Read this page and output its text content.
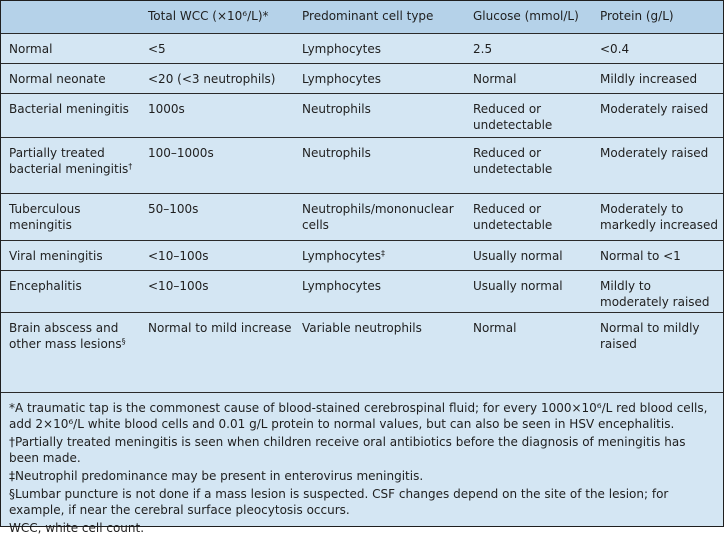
	Total WCC (×10⁶/L)*	Predominant cell type	Glucose (mmol/L)	Protein (g/L)
Normal	<5	Lymphocytes	2.5	<0.4
Normal neonate	<20 (<3 neutrophils)	Lymphocytes	Normal	Mildly increased
Bacterial meningitis	1000s	Neutrophils	Reduced or undetectable	Moderately raised
Partially treated bacterial meningitis†	100–1000s	Neutrophils	Reduced or undetectable	Moderately raised
Tuberculous meningitis	50–100s	Neutrophils/mononuclear cells	Reduced or undetectable	Moderately to markedly increased
Viral meningitis	<10–100s	Lymphocytes‡	Usually normal	Normal to <1
Encephalitis	<10–100s	Lymphocytes	Usually normal	Mildly to moderately raised
Brain abscess and other mass lesions§	Normal to mild increase	Variable neutrophils	Normal	Normal to mildly raised

*A traumatic tap is the commonest cause of blood-stained cerebrospinal fluid; for every 1000×10⁶/L red blood cells, add 2×10⁶/L white blood cells and 0.01 g/L protein to normal values, but can also be seen in HSV encephalitis.

†Partially treated meningitis is seen when children receive oral antibiotics before the diagnosis of meningitis has been made.

‡Neutrophil predominance may be present in enterovirus meningitis.

§Lumbar puncture is not done if a mass lesion is suspected. CSF changes depend on the site of the lesion; for example, if near the cerebral surface pleocytosis occurs.

WCC, white cell count.
